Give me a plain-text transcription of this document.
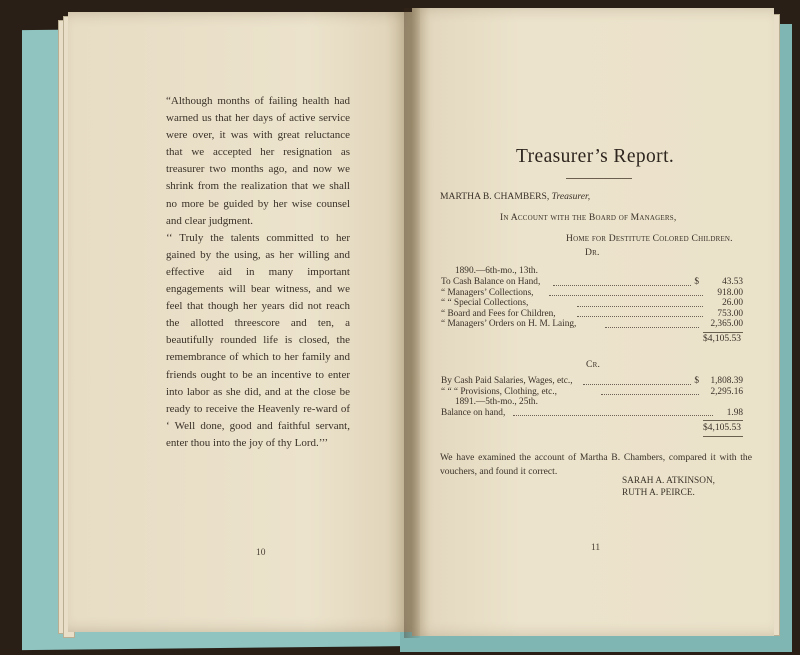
“Although months of failing health had warned us that her days of active service were over, it was with great reluctance that we accepted her resignation as treasurer two months ago, and now we shrink from the realization that we shall no more be guided by her wise counsel and clear judgment.

‘‘ Truly the talents committed to her gained by the using, as her willing and effective aid in many important engagements will bear witness, and we feel that though her years did not reach the allotted threescore and ten, a beautifully rounded life is closed, the remembrance of which to her family and friends ought to be an incentive to enter into labor as she did, and at the close be ready to receive the Heavenly re-ward of ‘ Well done, good and faithful servant, enter thou into the joy of thy Lord.’’’

10
Treasurer’s Report.
MARTHA B. CHAMBERS, Treasurer,
In Account with the Board of Managers,
Home for Destitute Colored Children.
Dr.
1890.—6th-mo., 13th.
To Cash Balance on Hand,	$ 43.53
“ Managers’ Collections,	918.00
“ “ Special Collections,	26.00
“ Board and Fees for Children,	753.00
“ Managers’ Orders on H. M. Laing,	2,365.00
$4,105.53
Cr.
By Cash Paid Salaries, Wages, etc.,	$ 1,808.39
“ “ “ Provisions, Clothing, etc.,	2,295.16
1891.—5th-mo., 25th.
Balance on hand,	1.98
$4,105.53
We have examined the account of Martha B. Chambers, compared it with the vouchers, and found it correct.
SARAH A. ATKINSON,
RUTH A. PEIRCE.
11
